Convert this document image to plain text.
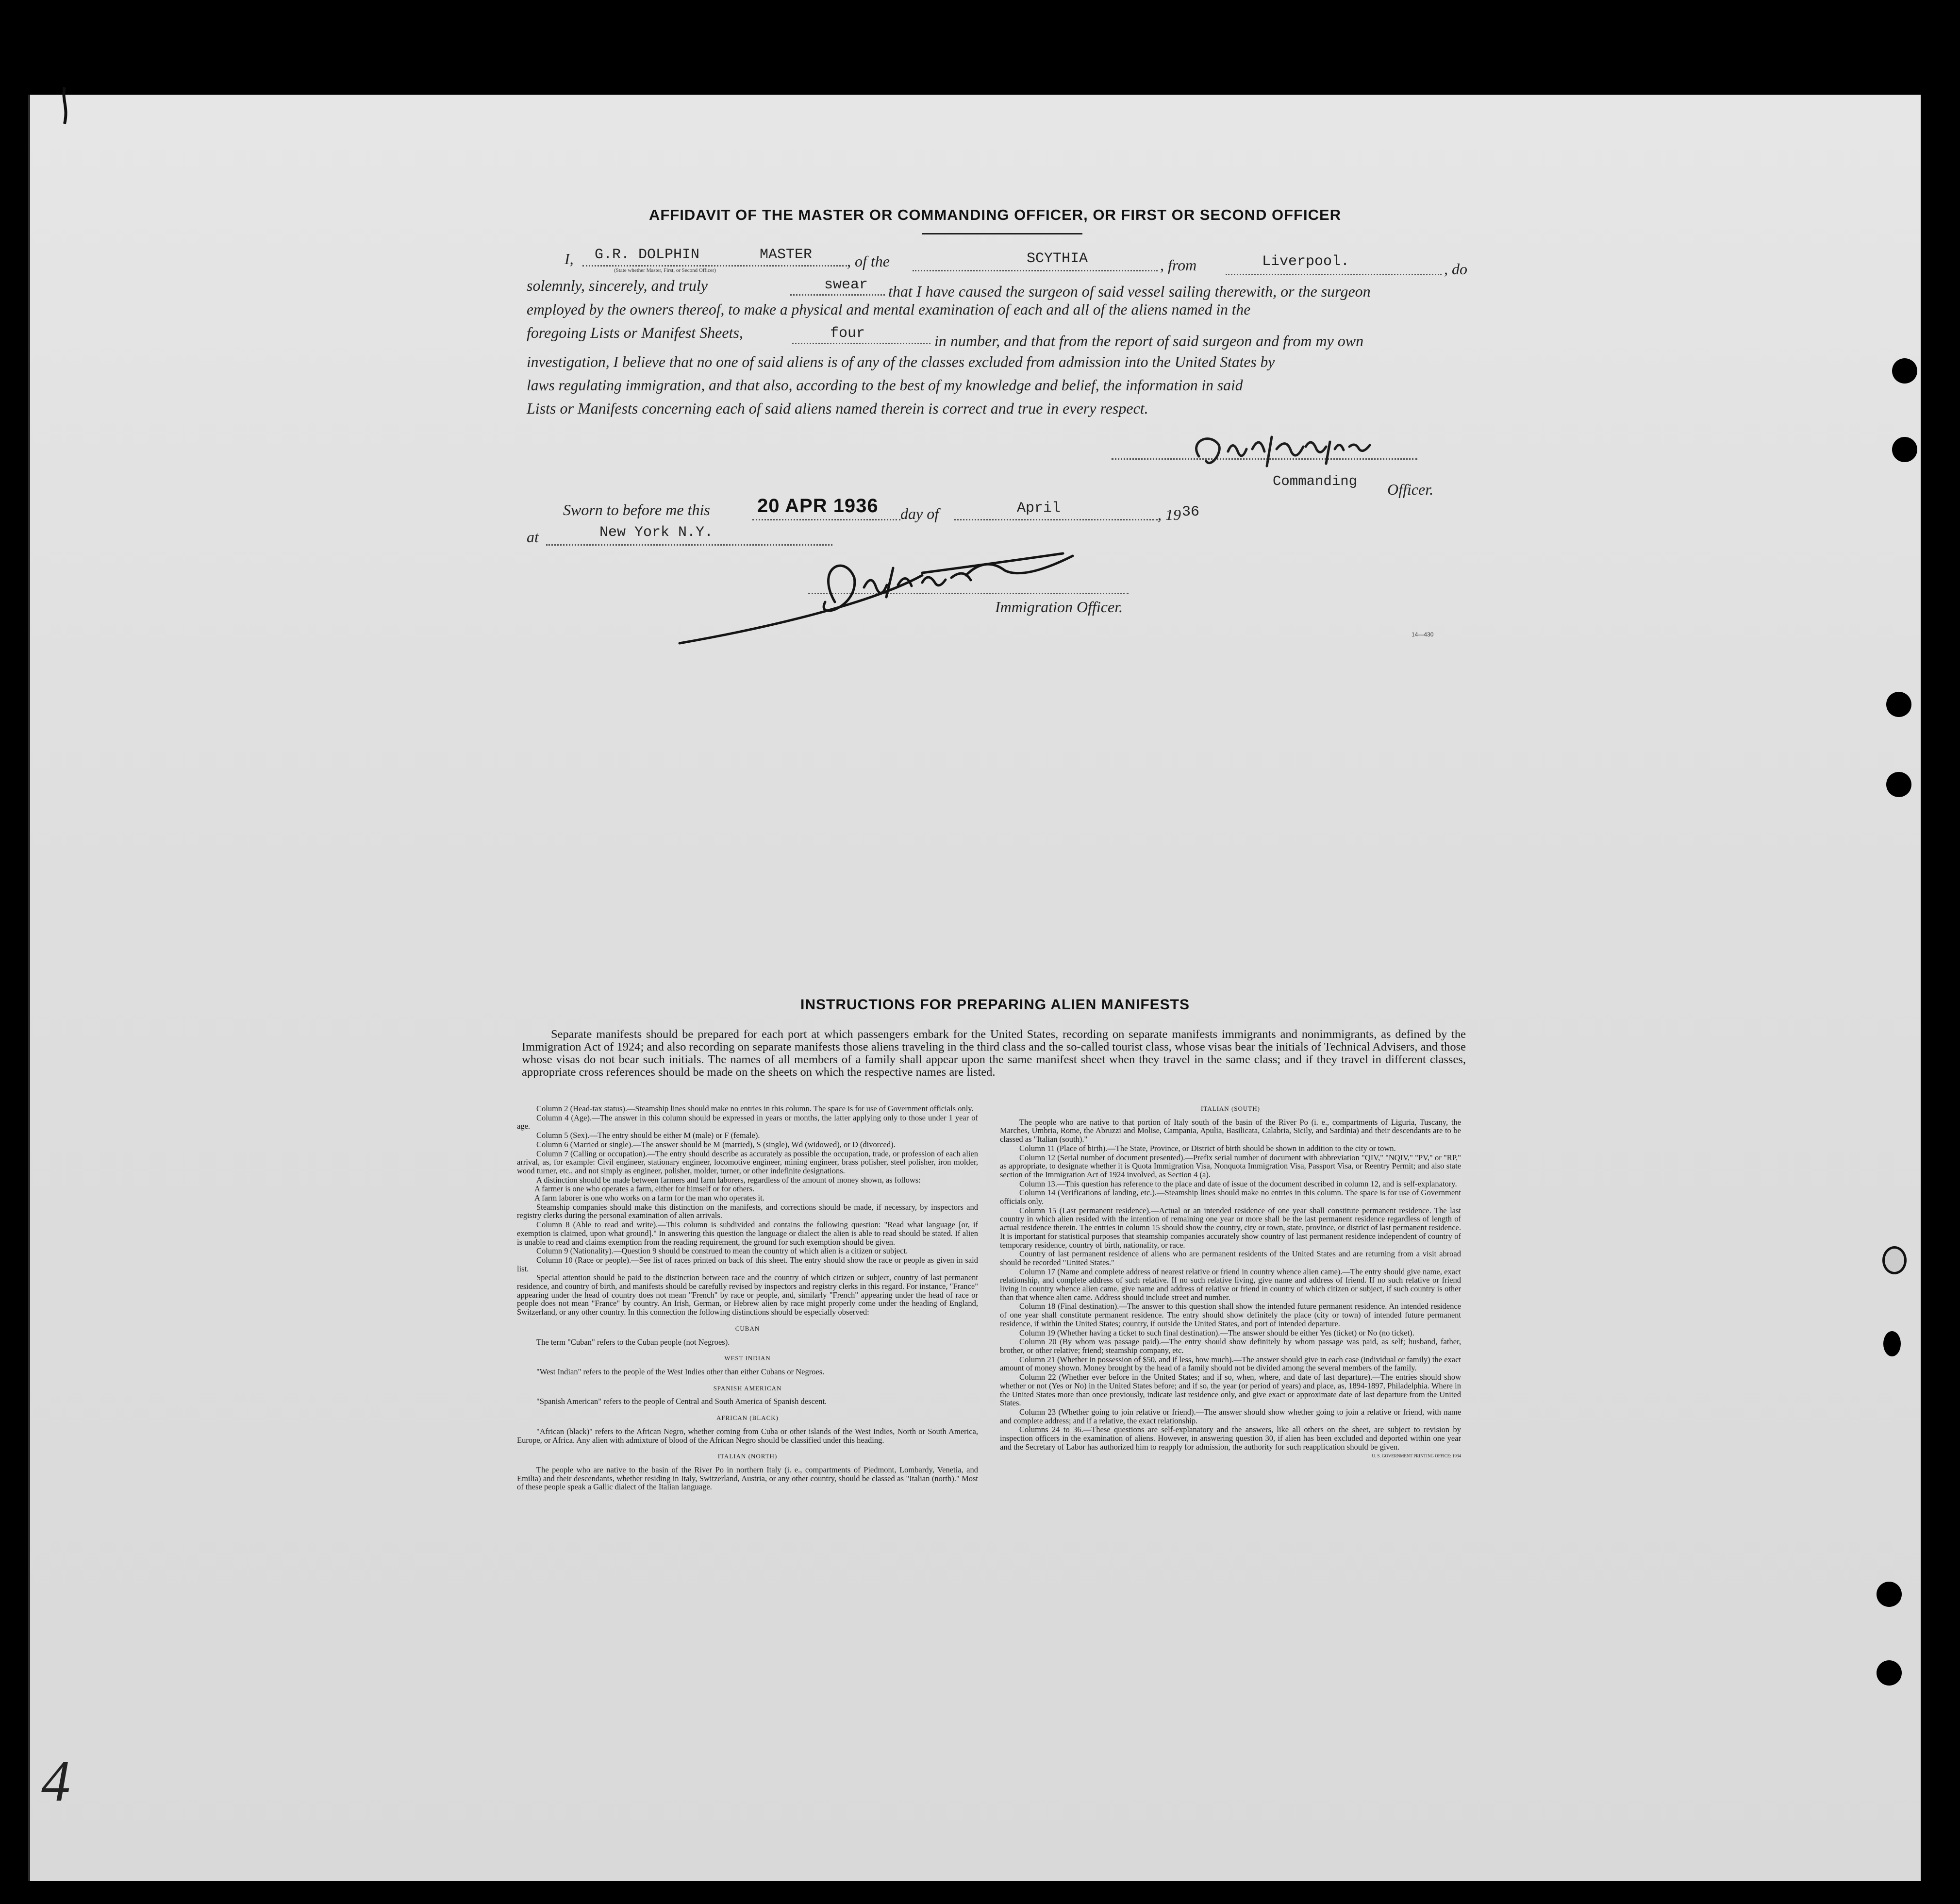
AFFIDAVIT OF THE MASTER OR COMMANDING OFFICER, OR FIRST OR SECOND OFFICER
I, G.R. DOLPHIN	MASTER
(State whether Master, First, or Second Officer)
, of the	SCYTHIA	, from	Liverpool.	, do
solemnly, sincerely, and truly	swear that I have caused the surgeon of said vessel sailing therewith, or the surgeon
employed by the owners thereof, to make a physical and mental examination of each and all of the aliens named in the
foregoing Lists or Manifest Sheets,	four	in number, and that from the report of said surgeon and from my own
investigation, I believe that no one of said aliens is of any of the classes excluded from admission into the United States by
laws regulating immigration, and that also, according to the best of my knowledge and belief, the information in said
Lists or Manifests concerning each of said aliens named therein is correct and true in every respect.
Commanding Officer.
Sworn to before me this 20 APR 1936 day of	April	, 19 36
at	New York N.Y.
Immigration Officer.
14—430
INSTRUCTIONS FOR PREPARING ALIEN MANIFESTS
Separate manifests should be prepared for each port at which passengers embark for the United States, recording on separate manifests immigrants and nonimmigrants, as defined by the Immigration Act of 1924; and also recording on separate manifests those aliens traveling in the third class and the so-called tourist class, whose visas bear the initials of Technical Advisers, and those whose visas do not bear such initials. The names of all members of a family shall appear upon the same manifest sheet when they travel in the same class; and if they travel in different classes, appropriate cross references should be made on the sheets on which the respective names are listed.

Column 2 (Head-tax status).—Steamship lines should make no entries in this column. The space is for use of Government officials only.

Column 4 (Age).—The answer in this column should be expressed in years or months, the latter applying only to those under 1 year of age.

Column 5 (Sex).—The entry should be either M (male) or F (female).

Column 6 (Married or single).—The answer should be M (married), S (single), Wd (widowed), or D (divorced).

Column 7 (Calling or occupation).—The entry should describe as accurately as possible the occupation, trade, or profession of each alien arrival, as, for example: Civil engineer, stationary engineer, locomotive engineer, mining engineer, brass polisher, steel polisher, iron molder, wood turner, etc., and not simply as engineer, polisher, molder, turner, or other indefinite designations.

A distinction should be made between farmers and farm laborers, regardless of the amount of money shown, as follows:

A farmer is one who operates a farm, either for himself or for others.

A farm laborer is one who works on a farm for the man who operates it.

Steamship companies should make this distinction on the manifests, and corrections should be made, if necessary, by inspectors and registry clerks during the personal examination of alien arrivals.

Column 8 (Able to read and write).—This column is subdivided and contains the following question: "Read what language [or, if exemption is claimed, upon what ground]." In answering this question the language or dialect the alien is able to read should be stated. If alien is unable to read and claims exemption from the reading requirement, the ground for such exemption should be given.

Column 9 (Nationality).—Question 9 should be construed to mean the country of which alien is a citizen or subject.

Column 10 (Race or people).—See list of races printed on back of this sheet. The entry should show the race or people as given in said list.

Special attention should be paid to the distinction between race and the country of which citizen or subject, country of last permanent residence, and country of birth, and manifests should be carefully revised by inspectors and registry clerks in this regard. For instance, "France" appearing under the head of country does not mean "French" by race or people, and, similarly "French" appearing under the head of race or people does not mean "France" by country. An Irish, German, or Hebrew alien by race might properly come under the heading of England, Switzerland, or any other country. In this connection the following distinctions should be especially observed:

CUBAN

The term "Cuban" refers to the Cuban people (not Negroes).

WEST INDIAN

"West Indian" refers to the people of the West Indies other than either Cubans or Negroes.

SPANISH AMERICAN

"Spanish American" refers to the people of Central and South America of Spanish descent.

AFRICAN (BLACK)

"African (black)" refers to the African Negro, whether coming from Cuba or other islands of the West Indies, North or South America, Europe, or Africa. Any alien with admixture of blood of the African Negro should be classified under this heading.

ITALIAN (NORTH)

The people who are native to the basin of the River Po in northern Italy (i. e., compartments of Piedmont, Lombardy, Venetia, and Emilia) and their descendants, whether residing in Italy, Switzerland, Austria, or any other country, should be classed as "Italian (north)." Most of these people speak a Gallic dialect of the Italian language.

ITALIAN (SOUTH)

The people who are native to that portion of Italy south of the basin of the River Po (i. e., compartments of Liguria, Tuscany, the Marches, Umbria, Rome, the Abruzzi and Molise, Campania, Apulia, Basilicata, Calabria, Sicily, and Sardinia) and their descendants are to be classed as "Italian (south)."

Column 11 (Place of birth).—The State, Province, or District of birth should be shown in addition to the city or town.

Column 12 (Serial number of document presented).—Prefix serial number of document with abbreviation "QIV," "NQIV," "PV," or "RP," as appropriate, to designate whether it is Quota Immigration Visa, Nonquota Immigration Visa, Passport Visa, or Reentry Permit; and also state section of the Immigration Act of 1924 involved, as Section 4 (a).

Column 13.—This question has reference to the place and date of issue of the document described in column 12, and is self-explanatory.

Column 14 (Verifications of landing, etc.).—Steamship lines should make no entries in this column. The space is for use of Government officials only.

Column 15 (Last permanent residence).—Actual or an intended residence of one year shall constitute permanent residence. The last country in which alien resided with the intention of remaining one year or more shall be the last permanent residence regardless of length of actual residence therein. The entries in column 15 should show the country, city or town, state, province, or district of last permanent residence. It is important for statistical purposes that steamship companies accurately show country of last permanent residence independent of country of temporary residence, country of birth, nationality, or race.

Country of last permanent residence of aliens who are permanent residents of the United States and are returning from a visit abroad should be recorded "United States."

Column 17 (Name and complete address of nearest relative or friend in country whence alien came).—The entry should give name, exact relationship, and complete address of such relative. If no such relative living, give name and address of friend. If no such relative or friend living in country whence alien came, give name and address of relative or friend in country of which citizen or subject, if such country is other than that whence alien came. Address should include street and number.

Column 18 (Final destination).—The answer to this question shall show the intended future permanent residence. An intended residence of one year shall constitute permanent residence. The entry should show definitely the place (city or town) of intended future permanent residence, if within the United States; country, if outside the United States, and port of intended departure.

Column 19 (Whether having a ticket to such final destination).—The answer should be either Yes (ticket) or No (no ticket).

Column 20 (By whom was passage paid).—The entry should show definitely by whom passage was paid, as self; husband, father, brother, or other relative; friend; steamship company, etc.

Column 21 (Whether in possession of $50, and if less, how much).—The answer should give in each case (individual or family) the exact amount of money shown. Money brought by the head of a family should not be divided among the several members of the family.

Column 22 (Whether ever before in the United States; and if so, when, where, and date of last departure).—The entries should show whether or not (Yes or No) in the United States before; and if so, the year (or period of years) and place, as, 1894-1897, Philadelphia. Where in the United States more than once previously, indicate last residence only, and give exact or approximate date of last departure from the United States.

Column 23 (Whether going to join relative or friend).—The answer should show whether going to join a relative or friend, with name and complete address; and if a relative, the exact relationship.

Columns 24 to 36.—These questions are self-explanatory and the answers, like all others on the sheet, are subject to revision by inspection officers in the examination of aliens. However, in answering question 30, if alien has been excluded and deported within one year and the Secretary of Labor has authorized him to reapply for admission, the authority for such reapplication should be given.

U. S. GOVERNMENT PRINTING OFFICE: 1934

4
